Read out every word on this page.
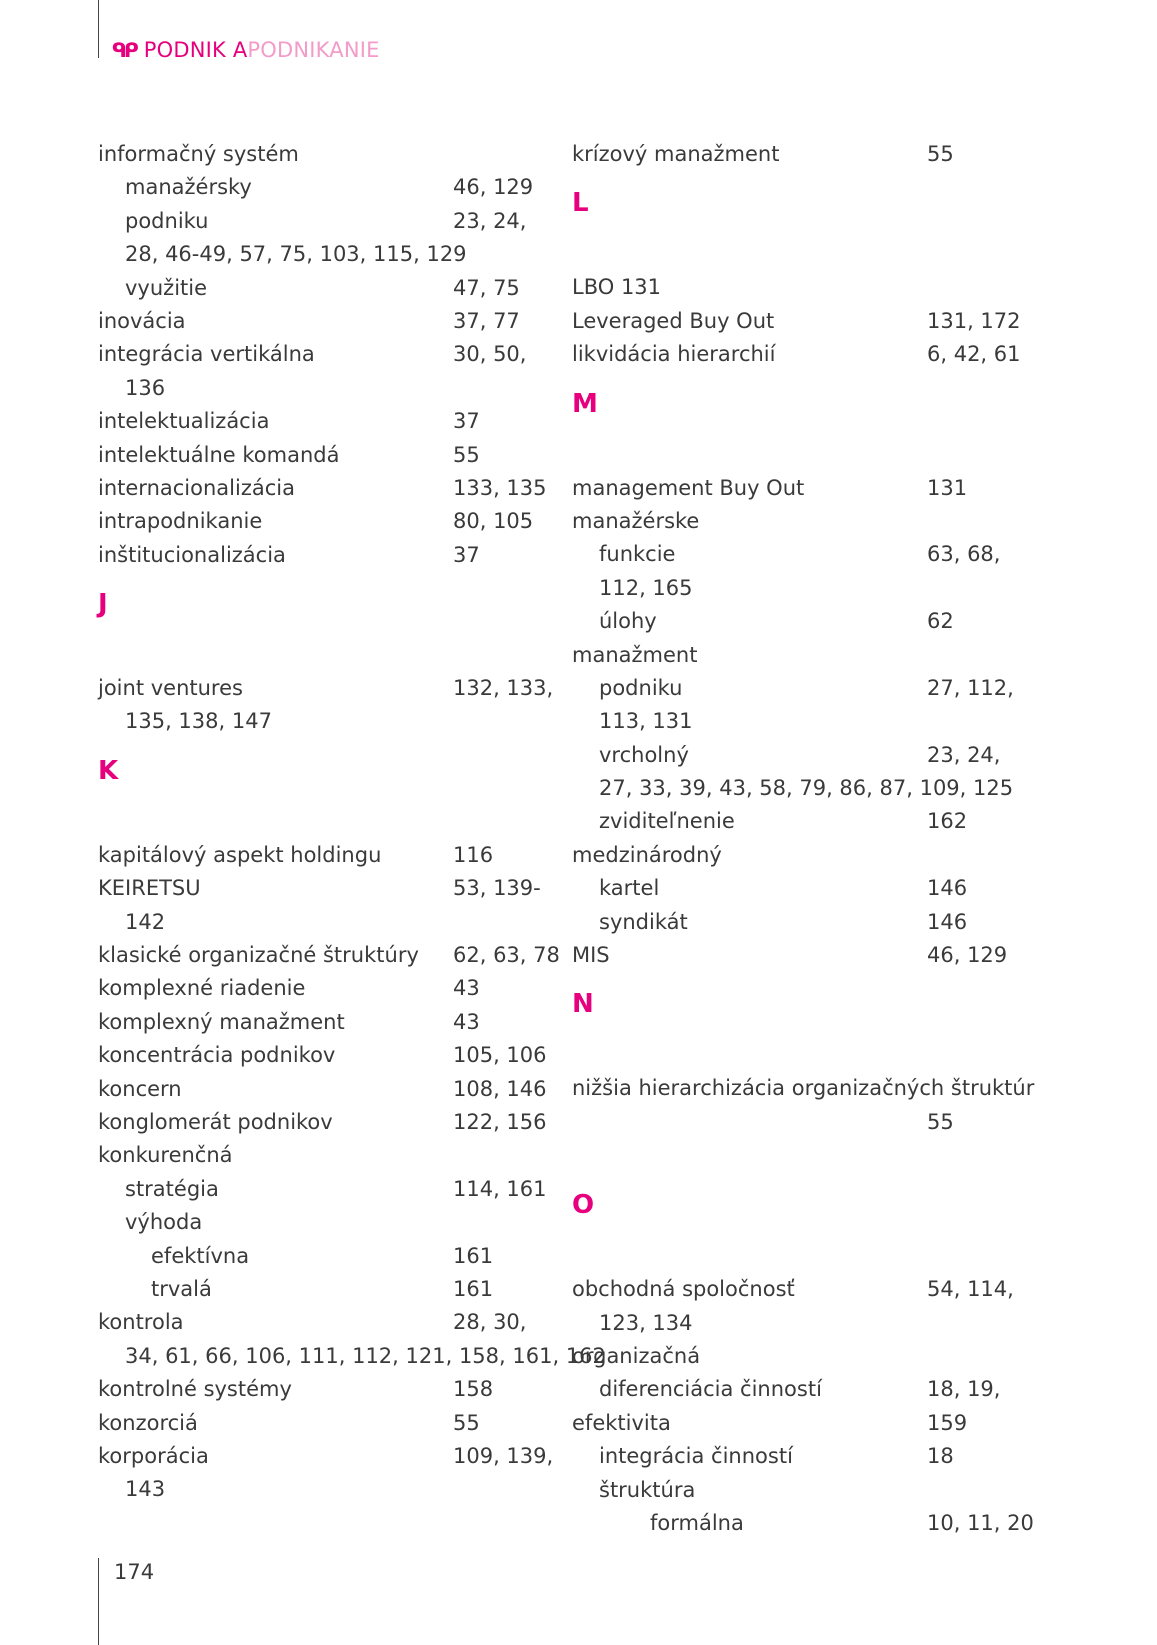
ᑫᑭ PODNIK A PODNIKANIE
informačný systém
manažérsky	46, 129
podniku	23, 24,
28, 46-49, 57, 75, 103, 115, 129
využitie	47, 75
inovácia	37, 77
integrácia vertikálna	30, 50,
136
intelektualizácia	37
intelektuálne komandá	55
internacionalizácia	133, 135
intrapodnikanie	80, 105
inštitucionalizácia	37
J
joint ventures	132, 133,
135, 138, 147
K
kapitálový aspekt holdingu	116
KEIRETSU	53, 139-
142
klasické organizačné štruktúry 62, 63, 78
komplexné riadenie	43
komplexný manažment	43
koncentrácia podnikov	105, 106
koncern	108, 146
konglomerát podnikov	122, 156
konkurenčná
stratégia	114, 161
výhoda
efektívna	161
trvalá	161
kontrola	28, 30,
34, 61, 66, 106, 111, 112, 121, 158, 161, 162
kontrolné systémy	158
konzorciá	55
korporácia	109, 139,
143
krízový manažment	55
L
LBO 131
Leveraged Buy Out	131, 172
likvidácia hierarchií	6, 42, 61
M
management Buy Out	131
manažérske
funkcie	63, 68,
112, 165
úlohy	62
manažment
podniku	27, 112,
113, 131
vrcholný	23, 24,
27, 33, 39, 43, 58, 79, 86, 87, 109, 125
zviditeľnenie	162
medzinárodný
kartel	146
syndikát	146
MIS	46, 129
N
nižšia hierarchizácia organizačných štruktúr
55
O
obchodná spoločnosť	54, 114,
123, 134
organizačná
diferenciácia činností	18, 19,
efektivita	159
integrácia činností	18
štruktúra
formálna	10, 11, 20
174
